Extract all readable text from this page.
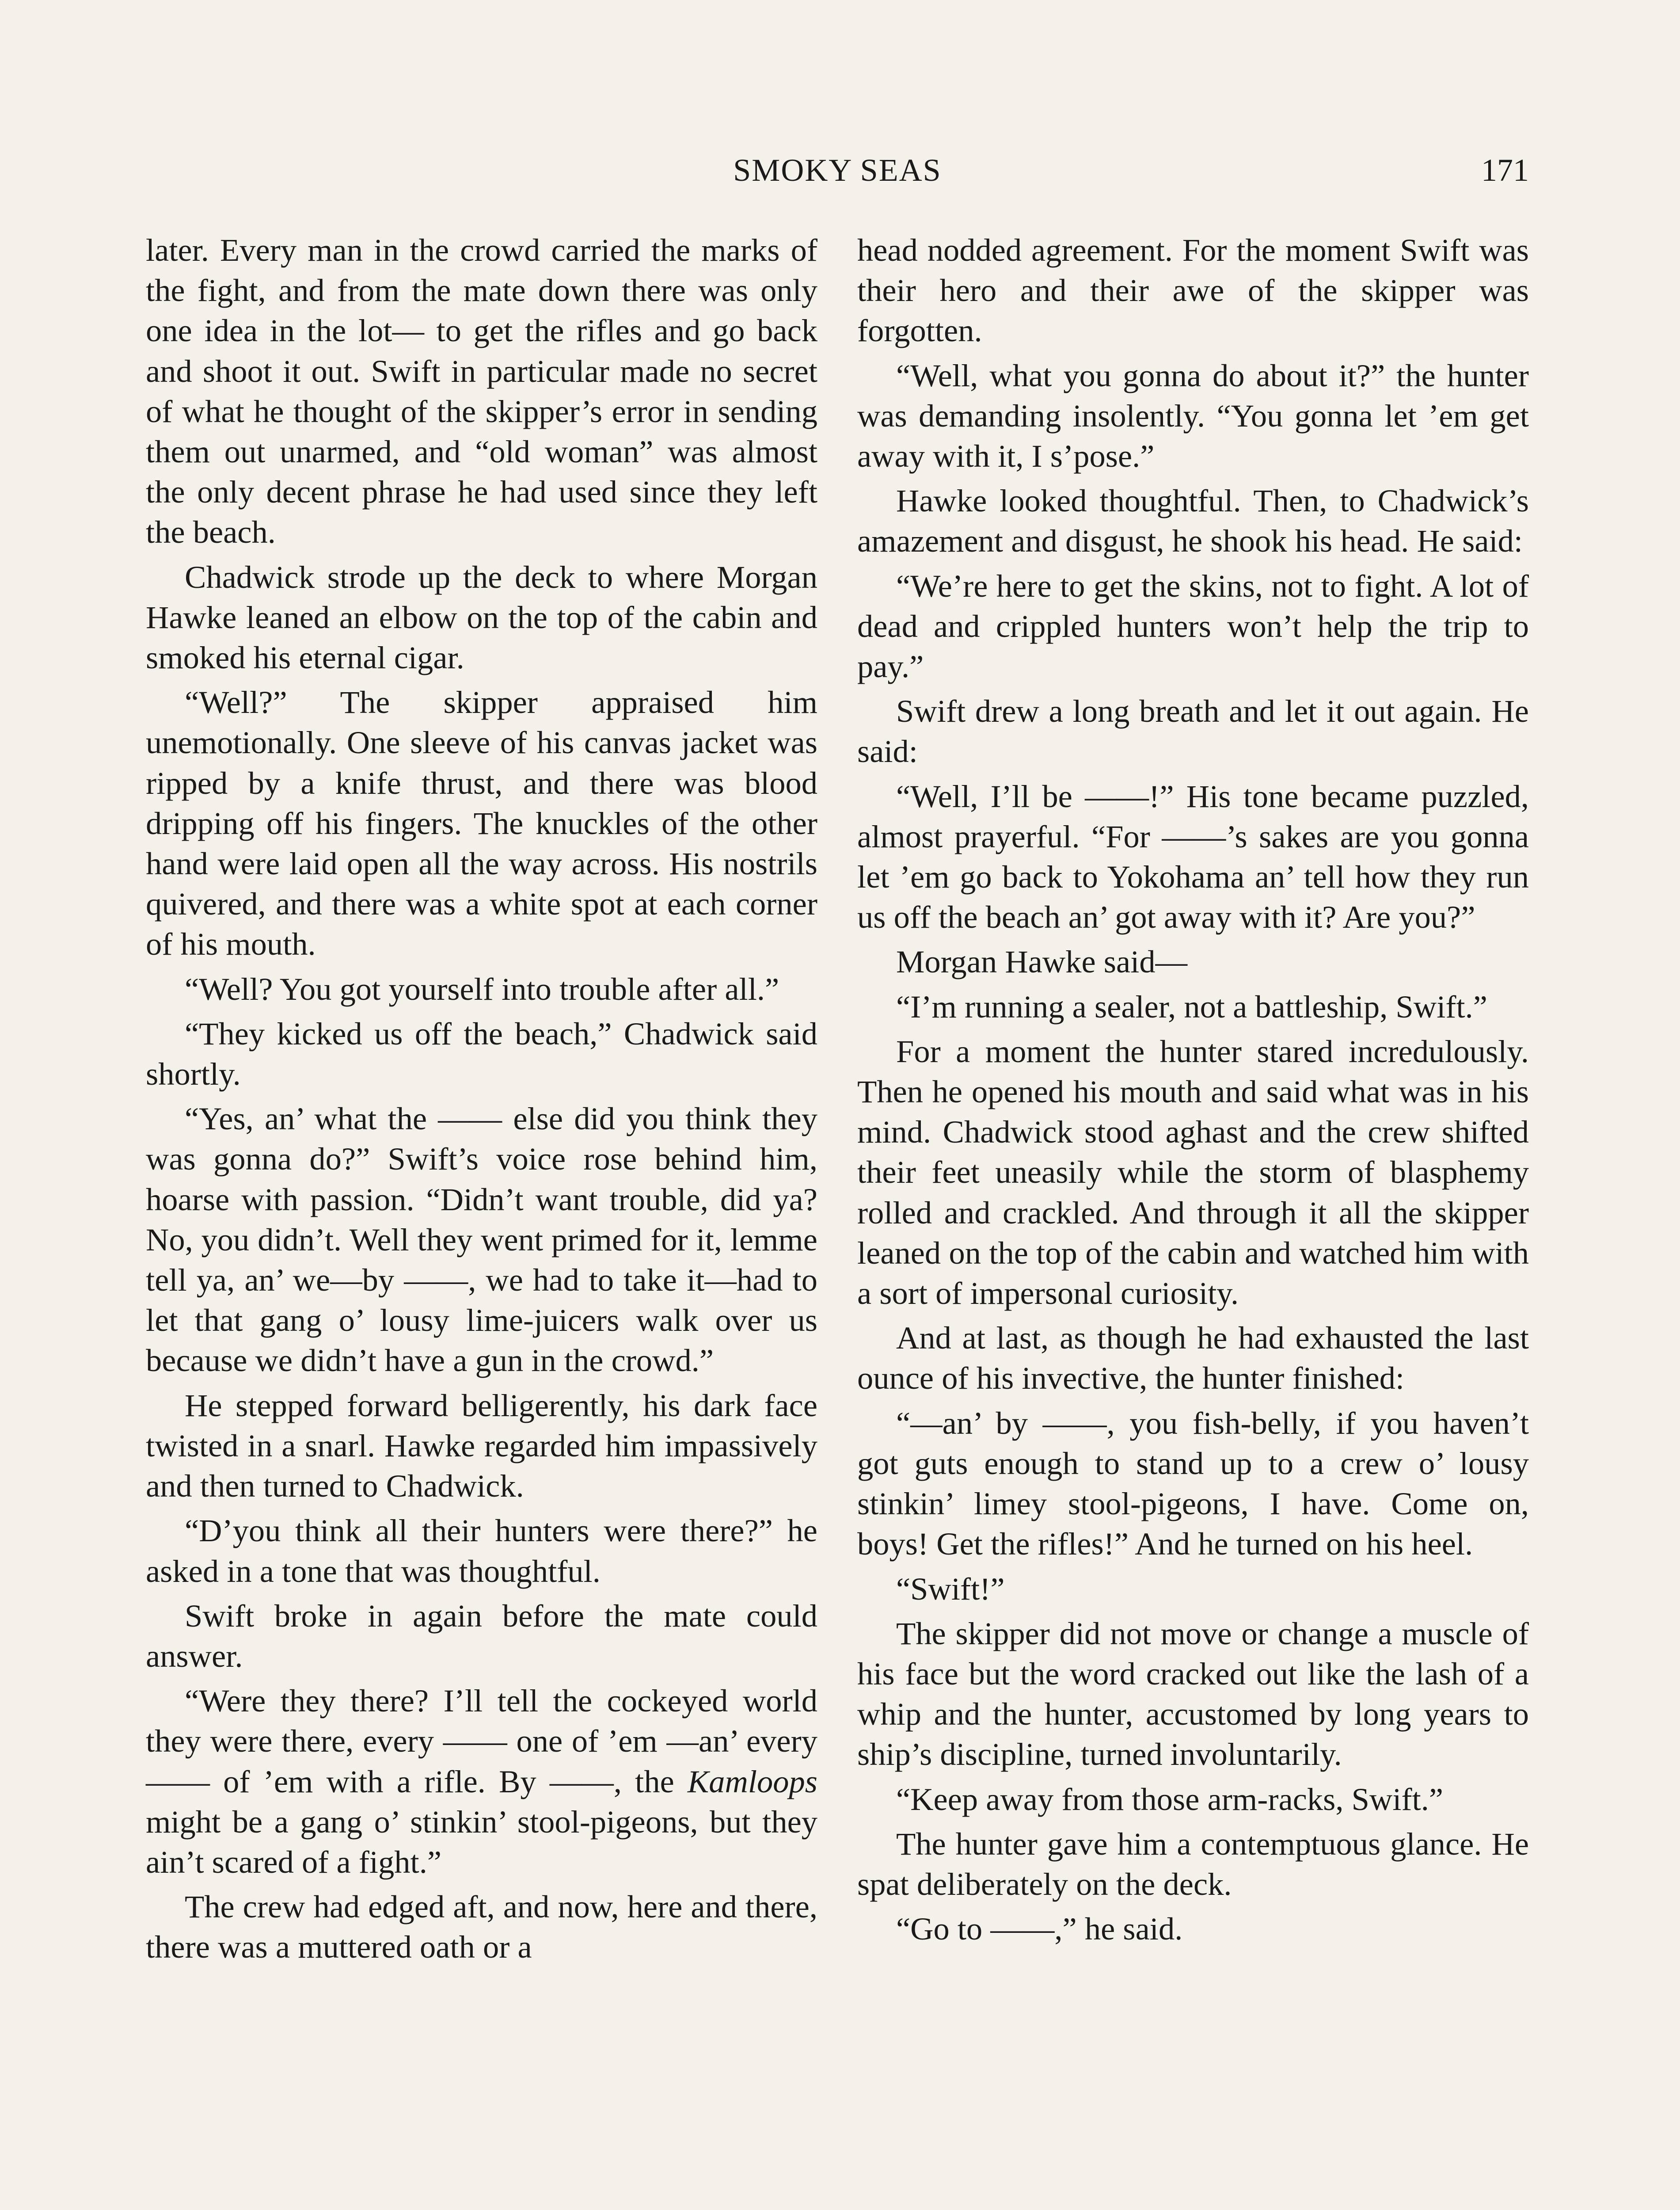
SMOKY SEAS	171

later. Every man in the crowd carried the marks of the fight, and from the mate down there was only one idea in the lot— to get the rifles and go back and shoot it out. Swift in particular made no secret of what he thought of the skipper’s error in sending them out unarmed, and “old woman” was almost the only decent phrase he had used since they left the beach.

Chadwick strode up the deck to where Morgan Hawke leaned an elbow on the top of the cabin and smoked his eternal cigar.

“Well?” The skipper appraised him unemotionally. One sleeve of his canvas jacket was ripped by a knife thrust, and there was blood dripping off his fingers. The knuckles of the other hand were laid open all the way across. His nostrils quivered, and there was a white spot at each corner of his mouth.

“Well? You got yourself into trouble after all.”

“They kicked us off the beach,” Chadwick said shortly.

“Yes, an’ what the —— else did you think they was gonna do?” Swift’s voice rose behind him, hoarse with passion. “Didn’t want trouble, did ya? No, you didn’t. Well they went primed for it, lemme tell ya, an’ we—by ——, we had to take it—had to let that gang o’ lousy lime-juicers walk over us because we didn’t have a gun in the crowd.”

He stepped forward belligerently, his dark face twisted in a snarl. Hawke regarded him impassively and then turned to Chadwick.

“D’you think all their hunters were there?” he asked in a tone that was thoughtful.

Swift broke in again before the mate could answer.

“Were they there? I’ll tell the cockeyed world they were there, every —— one of ’em —an’ every —— of ’em with a rifle. By ——, the Kamloops might be a gang o’ stinkin’ stool-pigeons, but they ain’t scared of a fight.”

The crew had edged aft, and now, here and there, there was a muttered oath or a

head nodded agreement. For the moment Swift was their hero and their awe of the skipper was forgotten.

“Well, what you gonna do about it?” the hunter was demanding insolently. “You gonna let ’em get away with it, I s’pose.”

Hawke looked thoughtful. Then, to Chadwick’s amazement and disgust, he shook his head. He said:

“We’re here to get the skins, not to fight. A lot of dead and crippled hunters won’t help the trip to pay.”

Swift drew a long breath and let it out again. He said:

“Well, I’ll be ——!” His tone became puzzled, almost prayerful. “For ——’s sakes are you gonna let ’em go back to Yokohama an’ tell how they run us off the beach an’ got away with it? Are you?”

Morgan Hawke said—

“I’m running a sealer, not a battleship, Swift.”

For a moment the hunter stared incredulously. Then he opened his mouth and said what was in his mind. Chadwick stood aghast and the crew shifted their feet uneasily while the storm of blasphemy rolled and crackled. And through it all the skipper leaned on the top of the cabin and watched him with a sort of impersonal curiosity.

And at last, as though he had exhausted the last ounce of his invective, the hunter finished:

“—an’ by ——, you fish-belly, if you haven’t got guts enough to stand up to a crew o’ lousy stinkin’ limey stool-pigeons, I have. Come on, boys! Get the rifles!” And he turned on his heel.

“Swift!”

The skipper did not move or change a muscle of his face but the word cracked out like the lash of a whip and the hunter, accustomed by long years to ship’s discipline, turned involuntarily.

“Keep away from those arm-racks, Swift.”

The hunter gave him a contemptuous glance. He spat deliberately on the deck.

“Go to ——,” he said.
